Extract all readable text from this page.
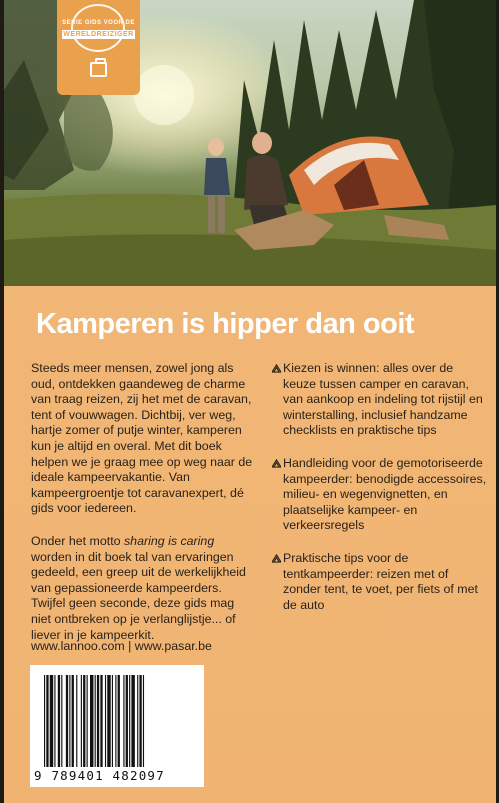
SERIE GIDS VOOR DE
WERELDREIZIGER
Kamperen is hipper dan ooit

Steeds meer mensen, zowel jong als oud, ontdekken gaandeweg de charme van traag reizen, zij het met de caravan, tent of vouwwagen. Dichtbij, ver weg, hartje zomer of putje winter, kamperen kun je altijd en overal. Met dit boek helpen we je graag mee op weg naar de ideale kampeervakantie. Van kampeergroentje tot caravanexpert, dé gids voor iedereen.

Onder het motto sharing is caring worden in dit boek tal van ervaringen gedeeld, een greep uit de werkelijkheid van gepassioneerde kampeerders. Twijfel geen seconde, deze gids mag niet ontbreken op je verlanglijstje... of liever in je kampeerkit.

Kiezen is winnen: alles over de keuze tussen camper en caravan, van aankoop en indeling tot rijstijl en winterstalling, inclusief handzame checklists en praktische tips
Handleiding voor de gemotoriseerde kampeerder: benodigde accessoires, milieu- en wegenvignetten, en plaatselijke kampeer- en verkeersregels
Praktische tips voor de tentkampeerder: reizen met of zonder tent, te voet, per fiets of met de auto
www.lannoo.com | www.pasar.be
9 789401 482097
